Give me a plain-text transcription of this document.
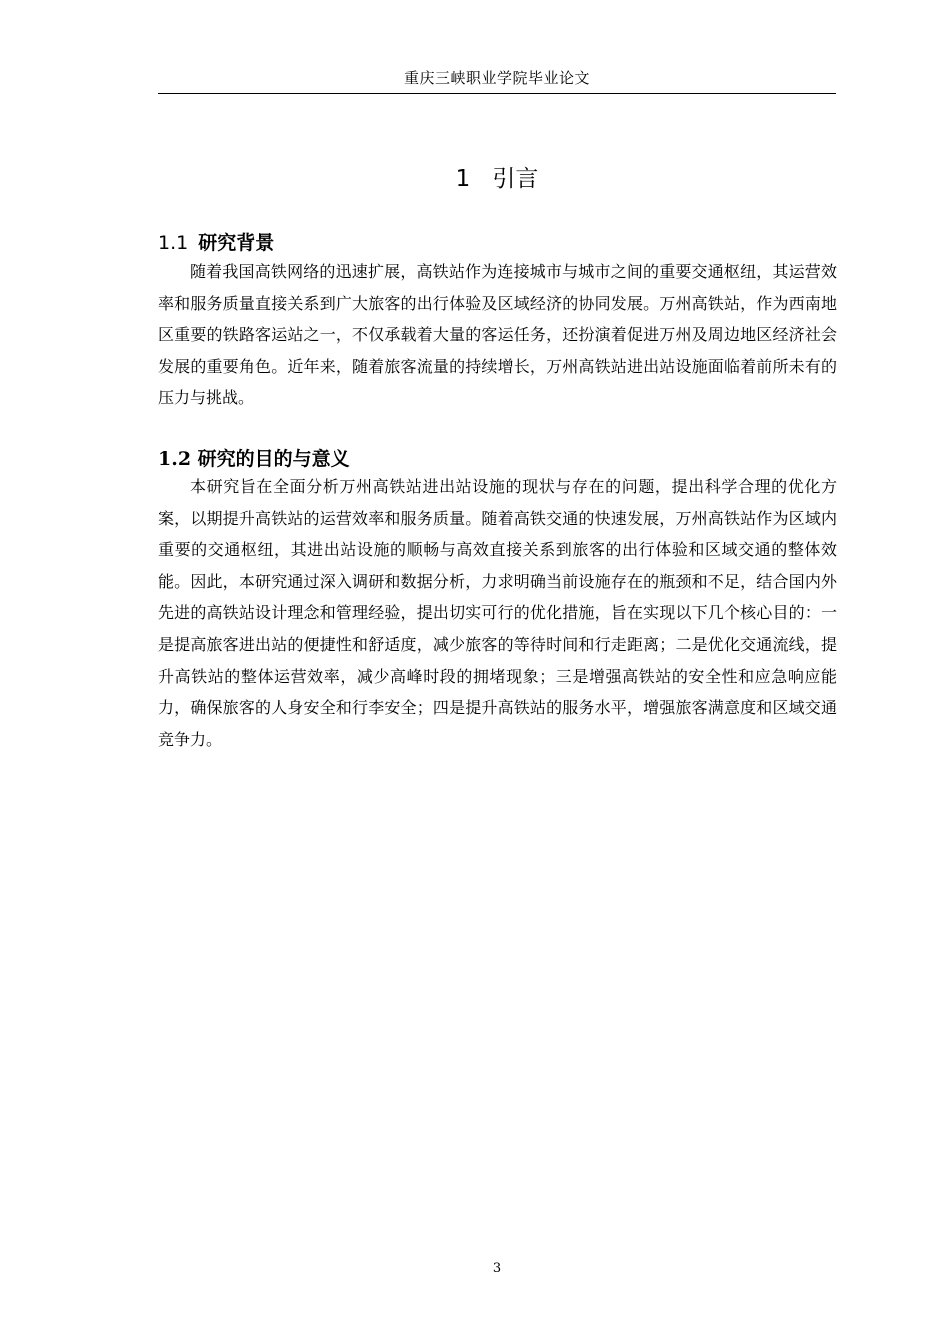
重庆三峡职业学院毕业论文
1 引言
1.1 研究背景

随着我国高铁网络的迅速扩展，高铁站作为连接城市与城市之间的重要交通枢纽，其运营效率和服务质量直接关系到广大旅客的出行体验及区域经济的协同发展。万州高铁站，作为西南地区重要的铁路客运站之一，不仅承载着大量的客运任务，还扮演着促进万州及周边地区经济社会发展的重要角色。近年来，随着旅客流量的持续增长，万州高铁站进出站设施面临着前所未有的压力与挑战。

1.2 研究的目的与意义

本研究旨在全面分析万州高铁站进出站设施的现状与存在的问题，提出科学合理的优化方案，以期提升高铁站的运营效率和服务质量。随着高铁交通的快速发展，万州高铁站作为区域内重要的交通枢纽，其进出站设施的顺畅与高效直接关系到旅客的出行体验和区域交通的整体效能。因此，本研究通过深入调研和数据分析，力求明确当前设施存在的瓶颈和不足，结合国内外先进的高铁站设计理念和管理经验，提出切实可行的优化措施，旨在实现以下几个核心目的：一是提高旅客进出站的便捷性和舒适度，减少旅客的等待时间和行走距离；二是优化交通流线，提升高铁站的整体运营效率，减少高峰时段的拥堵现象；三是增强高铁站的安全性和应急响应能力，确保旅客的人身安全和行李安全；四是提升高铁站的服务水平，增强旅客满意度和区域交通竞争力。

3
